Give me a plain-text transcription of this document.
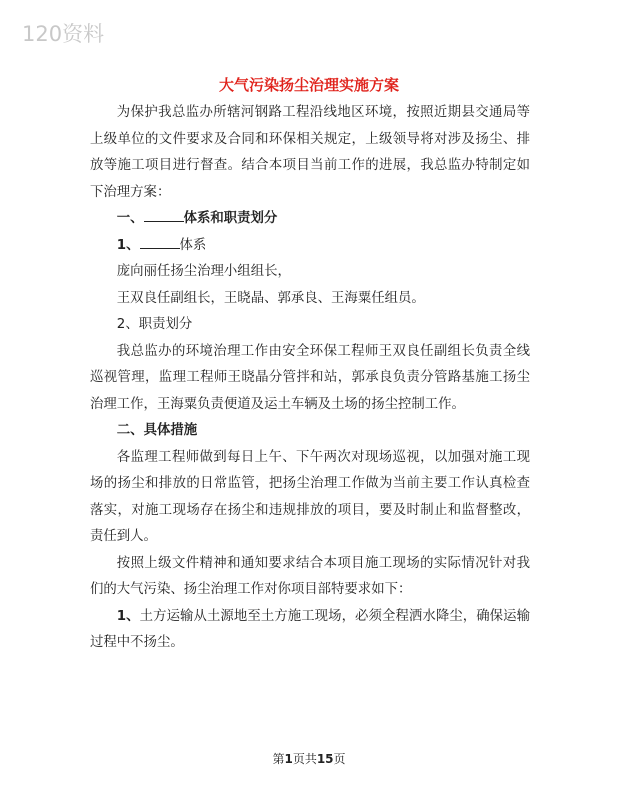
120资料
大气污染扬尘治理实施方案

为保护我总监办所辖河钢路工程沿线地区环境，按照近期县交通局等上级单位的文件要求及合同和环保相关规定，上级领导将对涉及扬尘、排放等施工项目进行督查。结合本项目当前工作的进展，我总监办特制定如下治理方案：

一、	体系和职责划分

1、	体系

庞向丽任扬尘治理小组组长，

王双良任副组长，王晓晶、郭承良、王海粟任组员。

2、职责划分

我总监办的环境治理工作由安全环保工程师王双良任副组长负责全线巡视管理，监理工程师王晓晶分管拌和站，郭承良负责分管路基施工扬尘治理工作，王海粟负责便道及运土车辆及土场的扬尘控制工作。

二、具体措施

各监理工程师做到每日上午、下午两次对现场巡视，以加强对施工现场的扬尘和排放的日常监管，把扬尘治理工作做为当前主要工作认真检查落实，对施工现场存在扬尘和违规排放的项目，要及时制止和监督整改，责任到人。

按照上级文件精神和通知要求结合本项目施工现场的实际情况针对我们的大气污染、扬尘治理工作对你项目部特要求如下：

1、土方运输从土源地至土方施工现场，必须全程洒水降尘，确保运输过程中不扬尘。

第1页共15页
